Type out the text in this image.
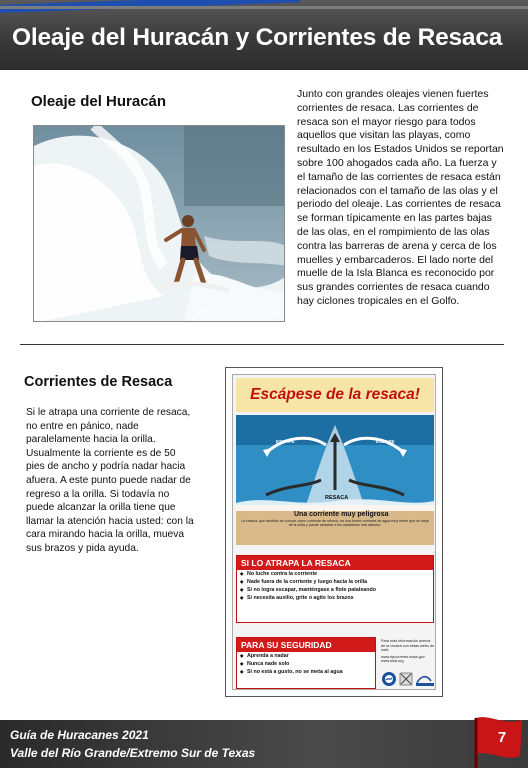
Oleaje del Huracán y Corrientes de Resaca
Oleaje del Huracán
FEMA/Jocelyn Augustino
Junto con grandes oleajes vienen fuertes corrientes de resaca. Las corrientes de resaca son el mayor riesgo para todos aquellos que visitan las playas, como resultado en los Estados Unidos se reportan sobre 100 ahogados cada año. La fuerza y el tamaño de las corrientes de resaca están relacionados con el tamaño de las olas y el periodo del oleaje. Las corrientes de resaca se forman típicamente en las partes bajas de las olas, en el rompimiento de las olas contra las barreras de arena y cerca de los muelles y embarcaderos. El lado norte del muelle de la Isla Blanca es reconocido por sus grandes corrientes de resaca cuando hay ciclones tropicales en el Golfo.
Corrientes de Resaca
Si le atrapa una corriente de resaca, no entre en pánico, nade paralelamente hacia la orilla. Usualmente la corriente es de 50 pies de ancho y podría nadar hacia afuera. A este punto puede nadar de regreso a la orilla. Si todavía no puede alcanzar la orilla tiene que llamar la atención hacia usted: con la cara mirando hacia la orilla, mueva sus brazos y pida ayuda.
Escápese de la resaca!
ESCAPE	ESCAPE
RESACA
Una corriente muy peligrosa
La resaca, que también se conoce como corriente de retorno, es una fuerte corriente de agua muy fuerte que se aleja de la orilla y puede arrastrar a los nadadores mar adentro.
SI LO ATRAPA LA RESACA
◆ No luche contra la corriente
◆ Nade fuera de la corriente y luego hacia la orilla
◆ Si no logra escapar, manténgase a flote pataleando
◆ Si necesita auxilio, grite o agite los brazos
PARA SU SEGURIDAD
◆ Aprenda a nadar
◆ Nunca nade solo
◆ Si no está a gusto, no se meta al agua
Para más información acerca de la resaca con estas webs de web:
www.ripcurrents.noaa.gov
www.usla.org
Guía de Huracanes 2021
Valle del Río Grande/Extremo Sur de Texas
7
